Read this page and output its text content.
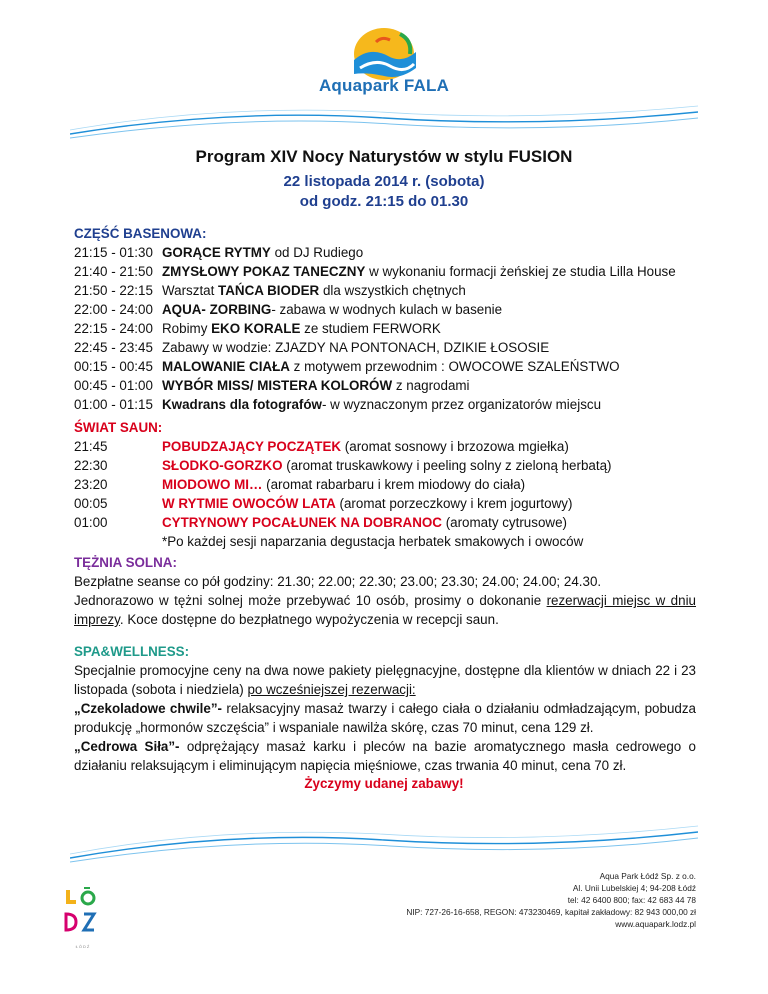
Aquapark FALA
Program XIV Nocy Naturystów w stylu FUSION
22 listopada 2014 r. (sobota)
od godz. 21:15 do 01.30
CZĘŚĆ BASENOWA:
21:15 - 01:30 GORĄCE RYTMY od DJ Rudiego
21:40 - 21:50 ZMYSŁOWY POKAZ TANECZNY w wykonaniu formacji żeńskiej ze studia Lilla House
21:50 - 22:15 Warsztat TAŃCA BIODER dla wszystkich chętnych
22:00 - 24:00 AQUA- ZORBING- zabawa w wodnych kulach w basenie
22:15 - 24:00 Robimy EKO KORALE ze studiem FERWORK
22:45 - 23:45 Zabawy w wodzie: ZJAZDY NA PONTONACH, DZIKIE ŁOSOSIE
00:15 - 00:45 MALOWANIE CIAŁA z motywem przewodnim : OWOCOWE SZALEŃSTWO
00:45 - 01:00 WYBÓR MISS/ MISTERA KOLORÓW z nagrodami
01:00 - 01:15 Kwadrans dla fotografów- w wyznaczonym przez organizatorów miejscu
ŚWIAT SAUN:
21:45	POBUDZAJĄCY POCZĄTEK (aromat sosnowy i brzozowa mgiełka)
22:30	SŁODKO-GORZKO (aromat truskawkowy i peeling solny z zieloną herbatą)
23:20	MIODOWO MI… (aromat rabarbaru i krem miodowy do ciała)
00:05	W RYTMIE OWOCÓW LATA (aromat porzeczkowy i krem jogurtowy)
01:00	CYTRYNOWY POCAŁUNEK NA DOBRANOC (aromaty cytrusowe)
*Po każdej sesji naparzania degustacja herbatek smakowych i owoców
TĘŻNIA SOLNA:
Bezpłatne seanse co pół godziny: 21.30; 22.00; 22.30; 23.00; 23.30; 24.00; 24.00; 24.30.
Jednorazowo w tężni solnej może przebywać 10 osób, prosimy o dokonanie rezerwacji miejsc w dniu imprezy. Koce dostępne do bezpłatnego wypożyczenia w recepcji saun.
SPA&WELLNESS:
Specjalnie promocyjne ceny na dwa nowe pakiety pielęgnacyjne, dostępne dla klientów w dniach 22 i 23 listopada (sobota i niedziela) po wcześniejszej rezerwacji:
„Czekoladowe chwile”- relaksacyjny masaż twarzy i całego ciała o działaniu odmładzającym, pobudza produkcję „hormonów szczęścia” i wspaniale nawilża skórę, czas 70 minut, cena 129 zł.
„Cedrowa Siła”- odprężający masaż karku i pleców na bazie aromatycznego masła cedrowego o działaniu relaksującym i eliminującym napięcia mięśniowe, czas trwania 40 minut, cena 70 zł.
Życzymy udanej zabawy!
ŁÓDŹ
Aqua Park Łódź Sp. z o.o.
Al. Unii Lubelskiej 4; 94-208 Łódź
tel: 42 6400 800; fax: 42 683 44 78
NIP: 727-26-16-658, REGON: 473230469, kapitał zakładowy: 82 943 000,00 zł
www.aquapark.lodz.pl
